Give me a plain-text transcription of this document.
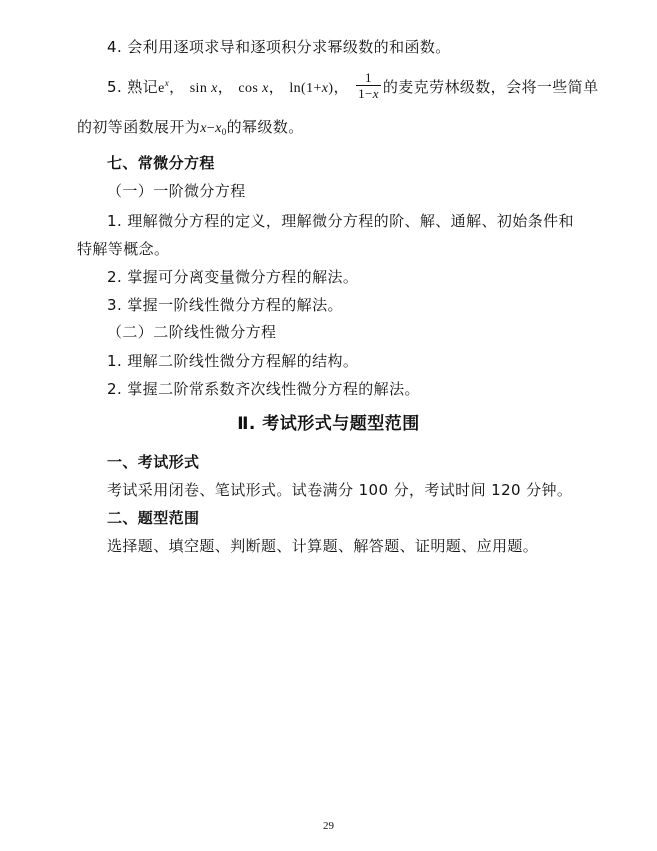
4. 会利用逐项求导和逐项积分求幂级数的和函数。
5. 熟记$e^x$， sin x， cos x， ln(1+x)， $\frac{1}{1-x}$ 的麦克劳林级数，会将一些简单
的初等函数展开为$x-x_0$的幂级数。
七、常微分方程
（一）一阶微分方程
1. 理解微分方程的定义，理解微分方程的阶、解、通解、初始条件和
特解等概念。
2. 掌握可分离变量微分方程的解法。
3. 掌握一阶线性微分方程的解法。
（二）二阶线性微分方程
1. 理解二阶线性微分方程解的结构。
2. 掌握二阶常系数齐次线性微分方程的解法。
Ⅱ. 考试形式与题型范围
一、考试形式
考试采用闭卷、笔试形式。试卷满分 100 分，考试时间 120 分钟。
二、题型范围
选择题、填空题、判断题、计算题、解答题、证明题、应用题。
29
